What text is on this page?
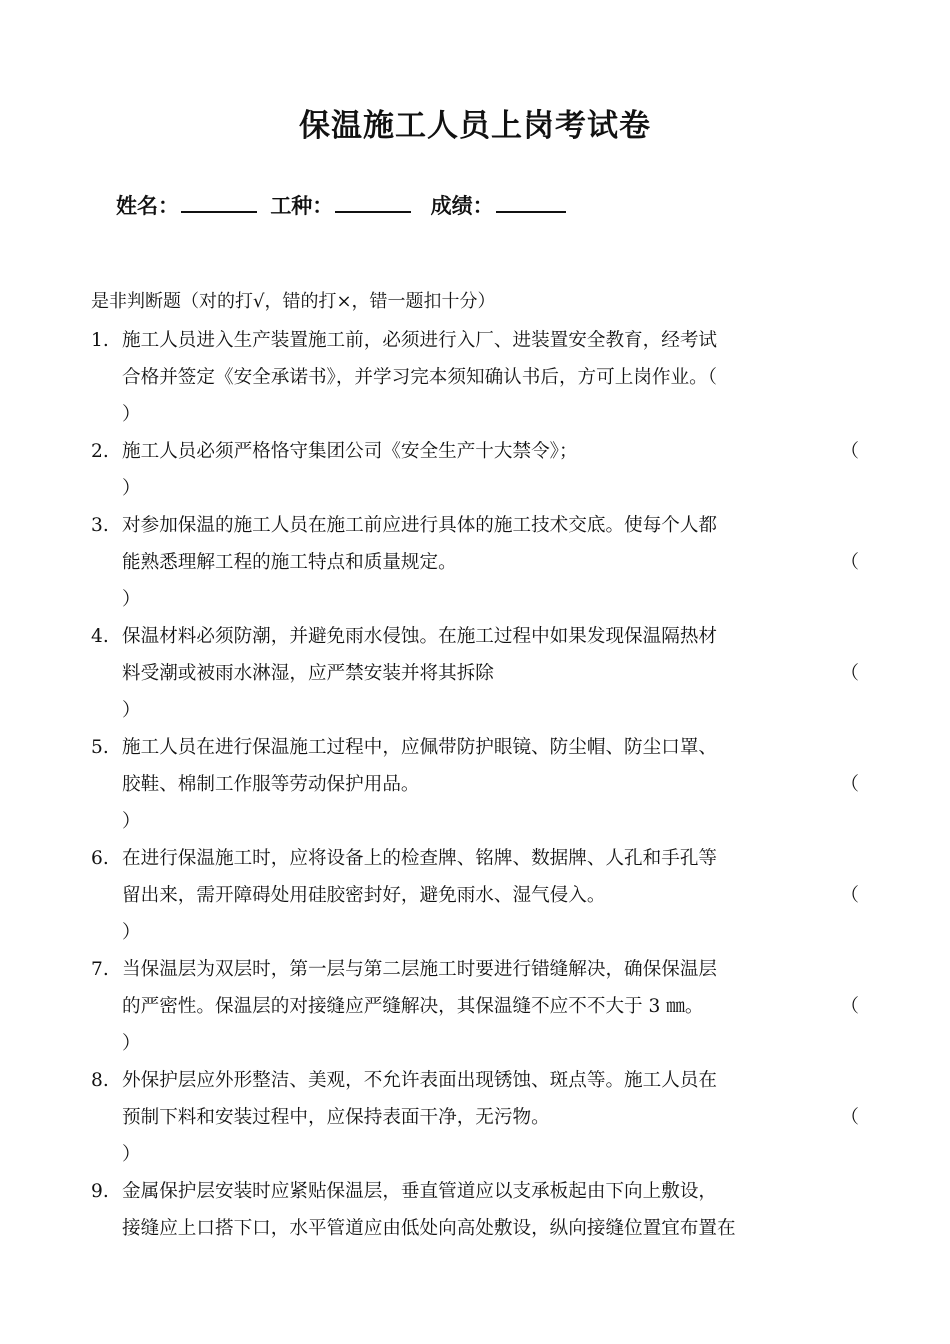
保温施工人员上岗考试卷
姓名：	工种：	成绩：
是非判断题（对的打√，错的打×，错一题扣十分）
1. 施工人员进入生产装置施工前，必须进行入厂、进装置安全教育，经考试
合格并签定《安全承诺书》，并学习完本须知确认书后，方可上岗作业。（
）
2. 施工人员必须严格恪守集团公司《安全生产十大禁令》；	（
）
3. 对参加保温的施工人员在施工前应进行具体的施工技术交底。使每个人都
能熟悉理解工程的施工特点和质量规定。	（
）
4. 保温材料必须防潮，并避免雨水侵蚀。在施工过程中如果发现保温隔热材
料受潮或被雨水淋湿，应严禁安装并将其拆除	（
）
5. 施工人员在进行保温施工过程中，应佩带防护眼镜、防尘帽、防尘口罩、
胶鞋、棉制工作服等劳动保护用品。	（
）
6. 在进行保温施工时，应将设备上的检查牌、铭牌、数据牌、人孔和手孔等
留出来，需开障碍处用硅胶密封好，避免雨水、湿气侵入。	（
）
7. 当保温层为双层时，第一层与第二层施工时要进行错缝解决，确保保温层
的严密性。保温层的对接缝应严缝解决，其保温缝不应不不大于 3 ㎜。	（
）
8. 外保护层应外形整洁、美观，不允许表面出现锈蚀、斑点等。施工人员在
预制下料和安装过程中，应保持表面干净，无污物。	（
）
9. 金属保护层安装时应紧贴保温层，垂直管道应以支承板起由下向上敷设，
接缝应上口搭下口，水平管道应由低处向高处敷设，纵向接缝位置宜布置在
